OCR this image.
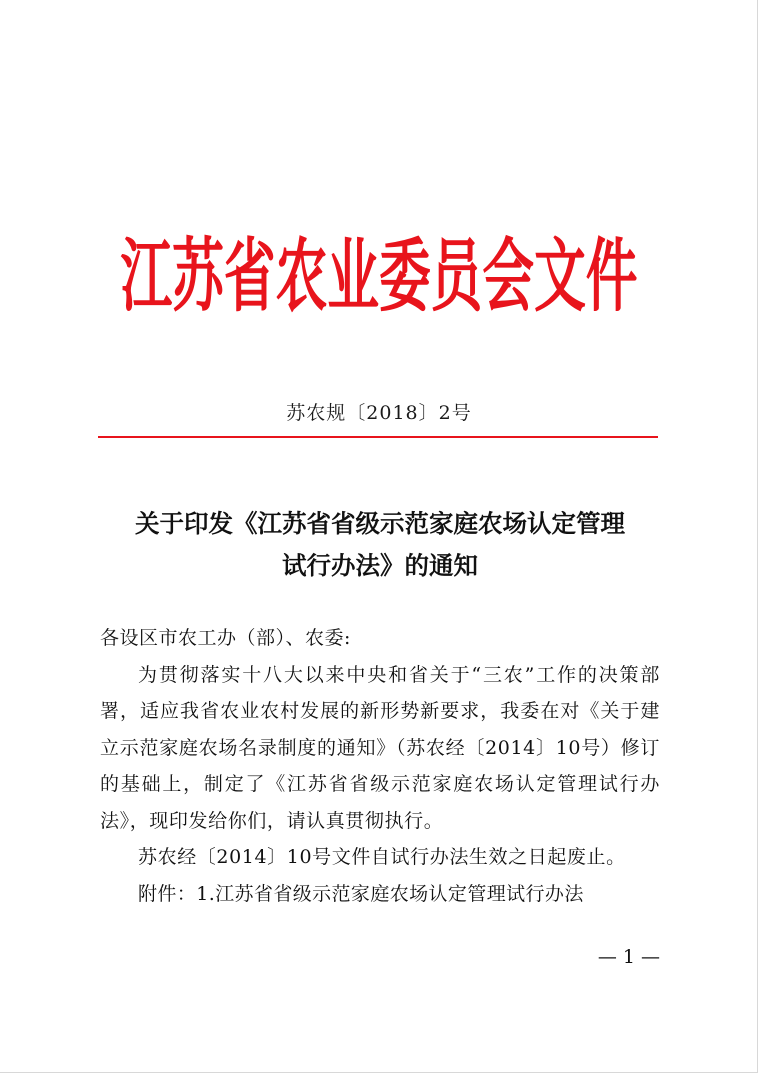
江苏省农业委员会文件
苏农规〔2018〕2号
关于印发《江苏省省级示范家庭农场认定管理
试行办法》的通知

各设区市农工办（部）、农委:

为贯彻落实十八大以来中央和省关于“三农”工作的决策部署，适应我省农业农村发展的新形势新要求，我委在对《关于建立示范家庭农场名录制度的通知》（苏农经〔2014〕10号）修订的基础上，制定了《江苏省省级示范家庭农场认定管理试行办法》，现印发给你们，请认真贯彻执行。

苏农经〔2014〕10号文件自试行办法生效之日起废止。

附件：1.江苏省省级示范家庭农场认定管理试行办法

— 1 —
